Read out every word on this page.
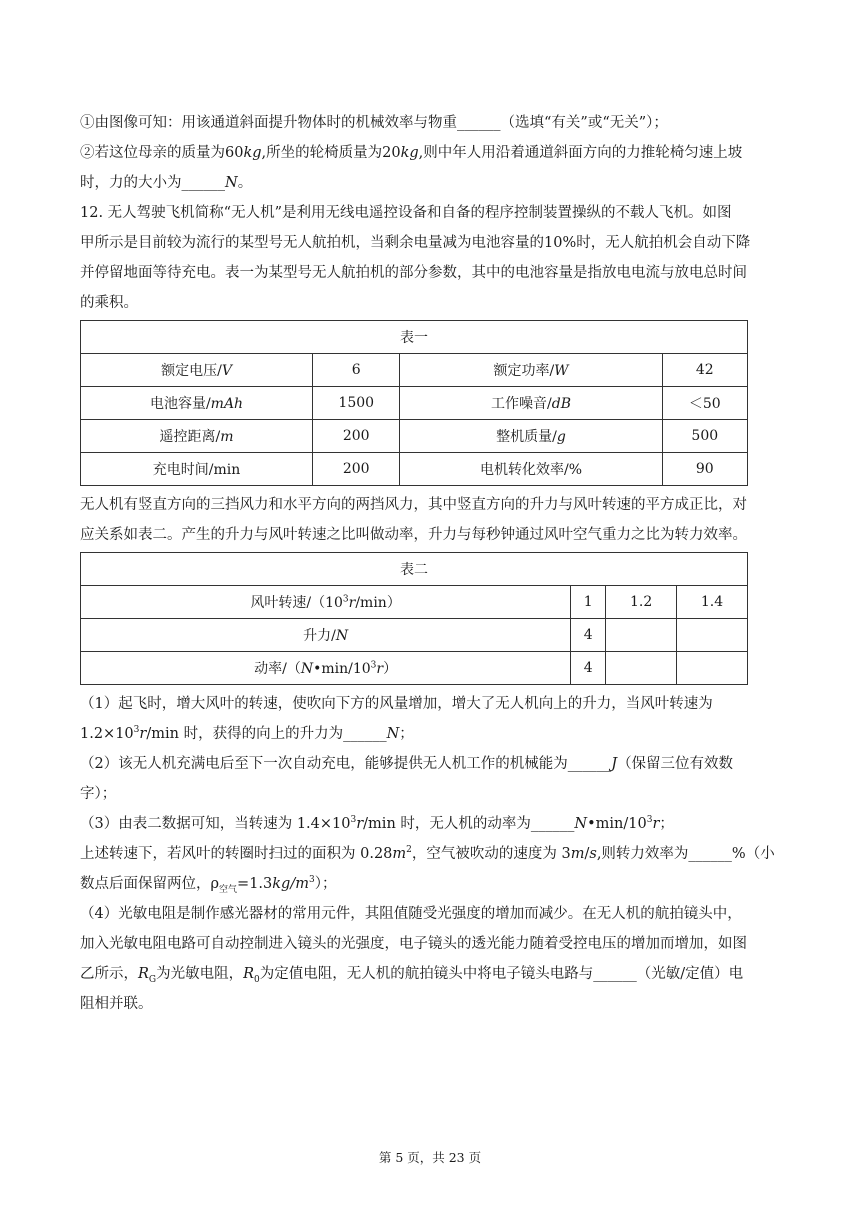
①由图像可知：用该通道斜面提升物体时的机械效率与物重______（选填“有关”或“无关”）；

②若这位母亲的质量为60kg,所坐的轮椅质量为20kg,则中年人用沿着通道斜面方向的力推轮椅匀速上坡

时，力的大小为______N。

12. 无人驾驶飞机简称“无人机”是利用无线电遥控设备和自备的程序控制装置操纵的不载人飞机。如图

甲所示是目前较为流行的某型号无人航拍机，当剩余电量减为电池容量的10%时，无人航拍机会自动下降

并停留地面等待充电。表一为某型号无人航拍机的部分参数，其中的电池容量是指放电电流与放电总时间

的乘积。

表一			
额定电压/V	6	额定功率/W	42
电池容量/mAh	1500	工作噪音/dB	＜50
遥控距离/m	200	整机质量/g	500
充电时间/min	200	电机转化效率/%	90

无人机有竖直方向的三挡风力和水平方向的两挡风力，其中竖直方向的升力与风叶转速的平方成正比，对

应关系如表二。产生的升力与风叶转速之比叫做动率，升力与每秒钟通过风叶空气重力之比为转力效率。

表二			
风叶转速$/(10^3r/\min)$	1	1.2	1.4
升力/N	4		
动率$/(N•\min/10^3r)$	4		

（1）起飞时，增大风叶的转速，使吹向下方的风量增加，增大了无人机向上的升力，当风叶转速为

$1.2\times 10^3r/\min$ 时，获得的向上的升力为______N；

（2）该无人机充满电后至下一次自动充电，能够提供无人机工作的机械能为______J（保留三位有效数

字）；

（3）由表二数据可知，当转速为 $1.4\times 10^3r/\min$ 时，无人机的动率为$\_\_\_\_\_\_N•\min/10^3r$；

上述转速下，若风叶的转圈时扫过的面积为 $0.28m^2$，空气被吹动的速度为 3m/s,则转力效率为______%（小

数点后面保留两位，$\rho_{空气}=1.3kg/m^3$）；

（4）光敏电阻是制作感光器材的常用元件，其阻值随受光强度的增加而减少。在无人机的航拍镜头中，

加入光敏电阻电路可自动控制进入镜头的光强度，电子镜头的透光能力随着受控电压的增加而增加，如图

乙所示，$R_G$为光敏电阻，$R_0$为定值电阻，无人机的航拍镜头中将电子镜头电路与______（光敏/定值）电

阻相并联。

第 5 页，共 23 页
